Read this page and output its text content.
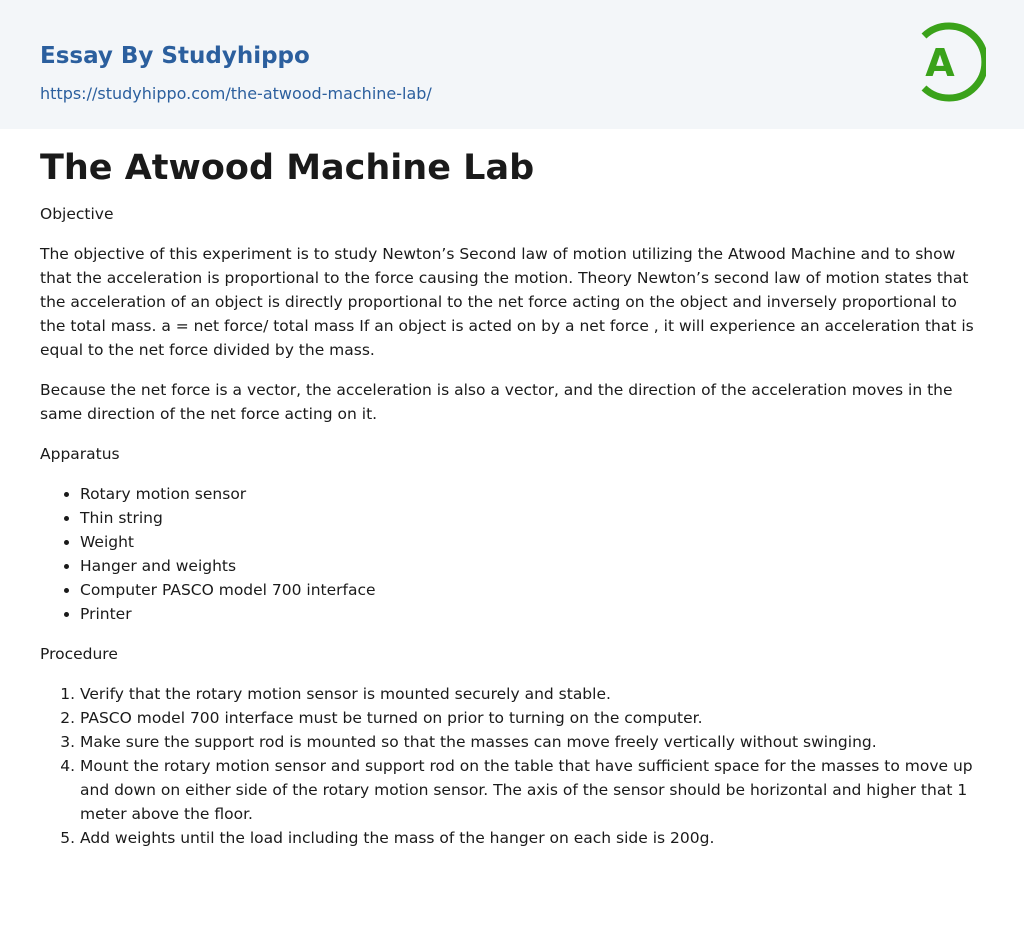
Essay By Studyhippo
https://studyhippo.com/the-atwood-machine-lab/
A
The Atwood Machine Lab
Objective

The objective of this experiment is to study Newton’s Second law of motion utilizing the Atwood Machine and to show that the acceleration is proportional to the force causing the motion. Theory Newton’s second law of motion states that the acceleration of an object is directly proportional to the net force acting on the object and inversely proportional to the total mass. a = net force/ total mass If an object is acted on by a net force , it will experience an acceleration that is equal to the net force divided by the mass.

Because the net force is a vector, the acceleration is also a vector, and the direction of the acceleration moves in the same direction of the net force acting on it.

Apparatus
• Rotary motion sensor
• Thin string
• Weight
• Hanger and weights
• Computer PASCO model 700 interface
• Printer
Procedure
1. Verify that the rotary motion sensor is mounted securely and stable.
2. PASCO model 700 interface must be turned on prior to turning on the computer.
3. Make sure the support rod is mounted so that the masses can move freely vertically without swinging.
4. Mount the rotary motion sensor and support rod on the table that have sufficient space for the masses to move up and down on either side of the rotary motion sensor. The axis of the sensor should be horizontal and higher that 1 meter above the floor.
5. Add weights until the load including the mass of the hanger on each side is 200g.
